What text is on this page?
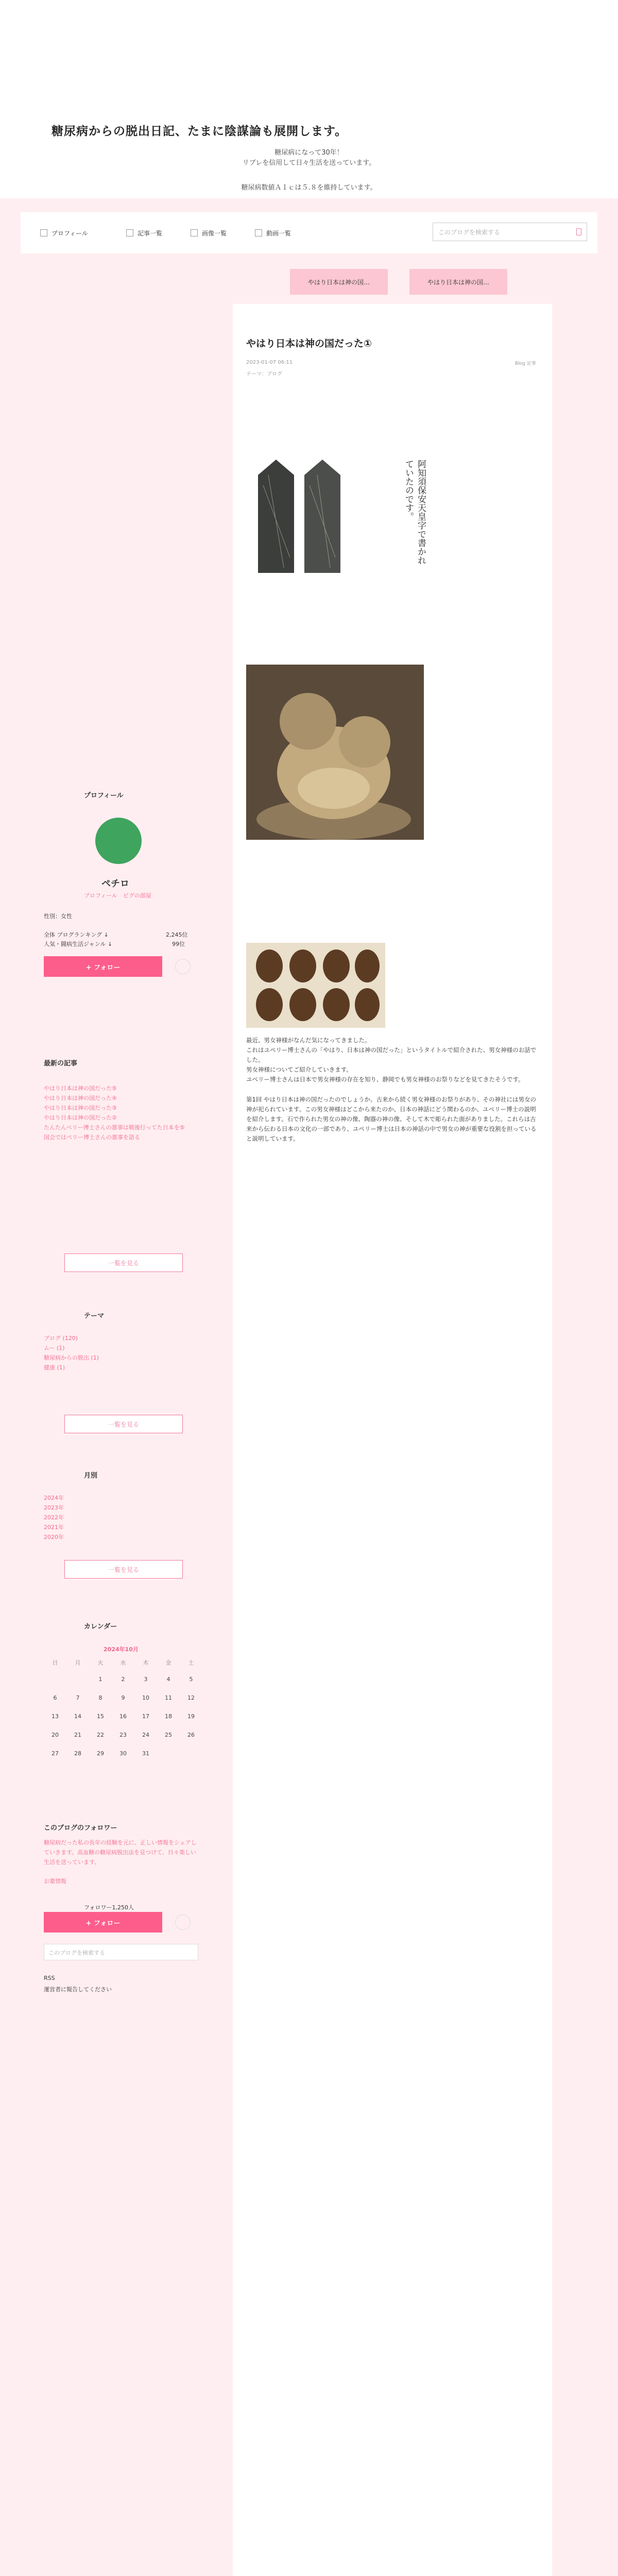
糖尿病からの脱出日記、たまに陰謀論も展開します。
糖尿病になって30年！
リブレを信用して日々生活を送っています。
糖尿病数値Ａ１ｃは５.８を維持しています。
プロフィール	記事一覧	画像一覧	動画一覧	このブログを検索する
やはり日本は神の国…	やはり日本は神の国…
やはり日本は神の国だった①
2023-01-07 06:11
テーマ：ブログ
Blog 記事
阿知須保安天皇字で書かれていたのです。

最近、男女神様がなんだ気になってきました。

これはユペリー博士さんの「やはり、日本は神の国だった」というタイトルで紹介された、男女神様のお話でした。

男女神様についてご紹介していきます。

ユペリー博士さんは日本で男女神様の存在を知り、静岡でも男女神様のお祭りなどを見てきたそうです。

第1回 やはり日本は神の国だったのでしょうか。古来から続く男女神様のお祭りがあり、その神社には男女の神が祀られています。この男女神様はどこから来たのか、日本の神話にどう関わるのか、ユペリー博士の説明を紹介します。石で作られた男女の神の像、陶器の神の像、そして木で彫られた面がありました。これらは古来から伝わる日本の文化の一部であり、ユペリー博士は日本の神話の中で男女の神が重要な役割を担っていると説明しています。

プロフィール
ペチロ
プロフィール　ピグの部屋
性別：女性
全体 ブログランキング ↓	2,245位
人気・闘病生活ジャンル ↓	99位
+ フォロー
最新の記事
やはり日本は神の国だった⑤
やはり日本は神の国だった④
やはり日本は神の国だった③
やはり日本は神の国だった②
たんたんペリー博士さんの悪事は戦後行ってた日本を⑤
国会ではペリー博士さんの悪事を語る
一覧を見る
テーマ
ブログ (120)
ムー (1)
糖尿病からの脱出 (1)
健康 (1)
一覧を見る
月別
2024年
2023年
2022年
2021年
2020年
一覧を見る
カレンダー
2024年10月
日	月	火	水	木	金	土
		1	2	3	4	5
6	7	8	9	10	11	12
13	14	15	16	17	18	19
20	21	22	23	24	25	26
27	28	29	30	31		
このブログのフォロワー
糖尿病だった私の長年の経験を元に、正しい情報をシェアしていきます。高血糖の糖尿病脱出法を見つけて、日々楽しい生活を送っています。
お薬情報
フォロワー1,250人
+ フォロー
このブログを検索する
RSS
運営者に報告してください
